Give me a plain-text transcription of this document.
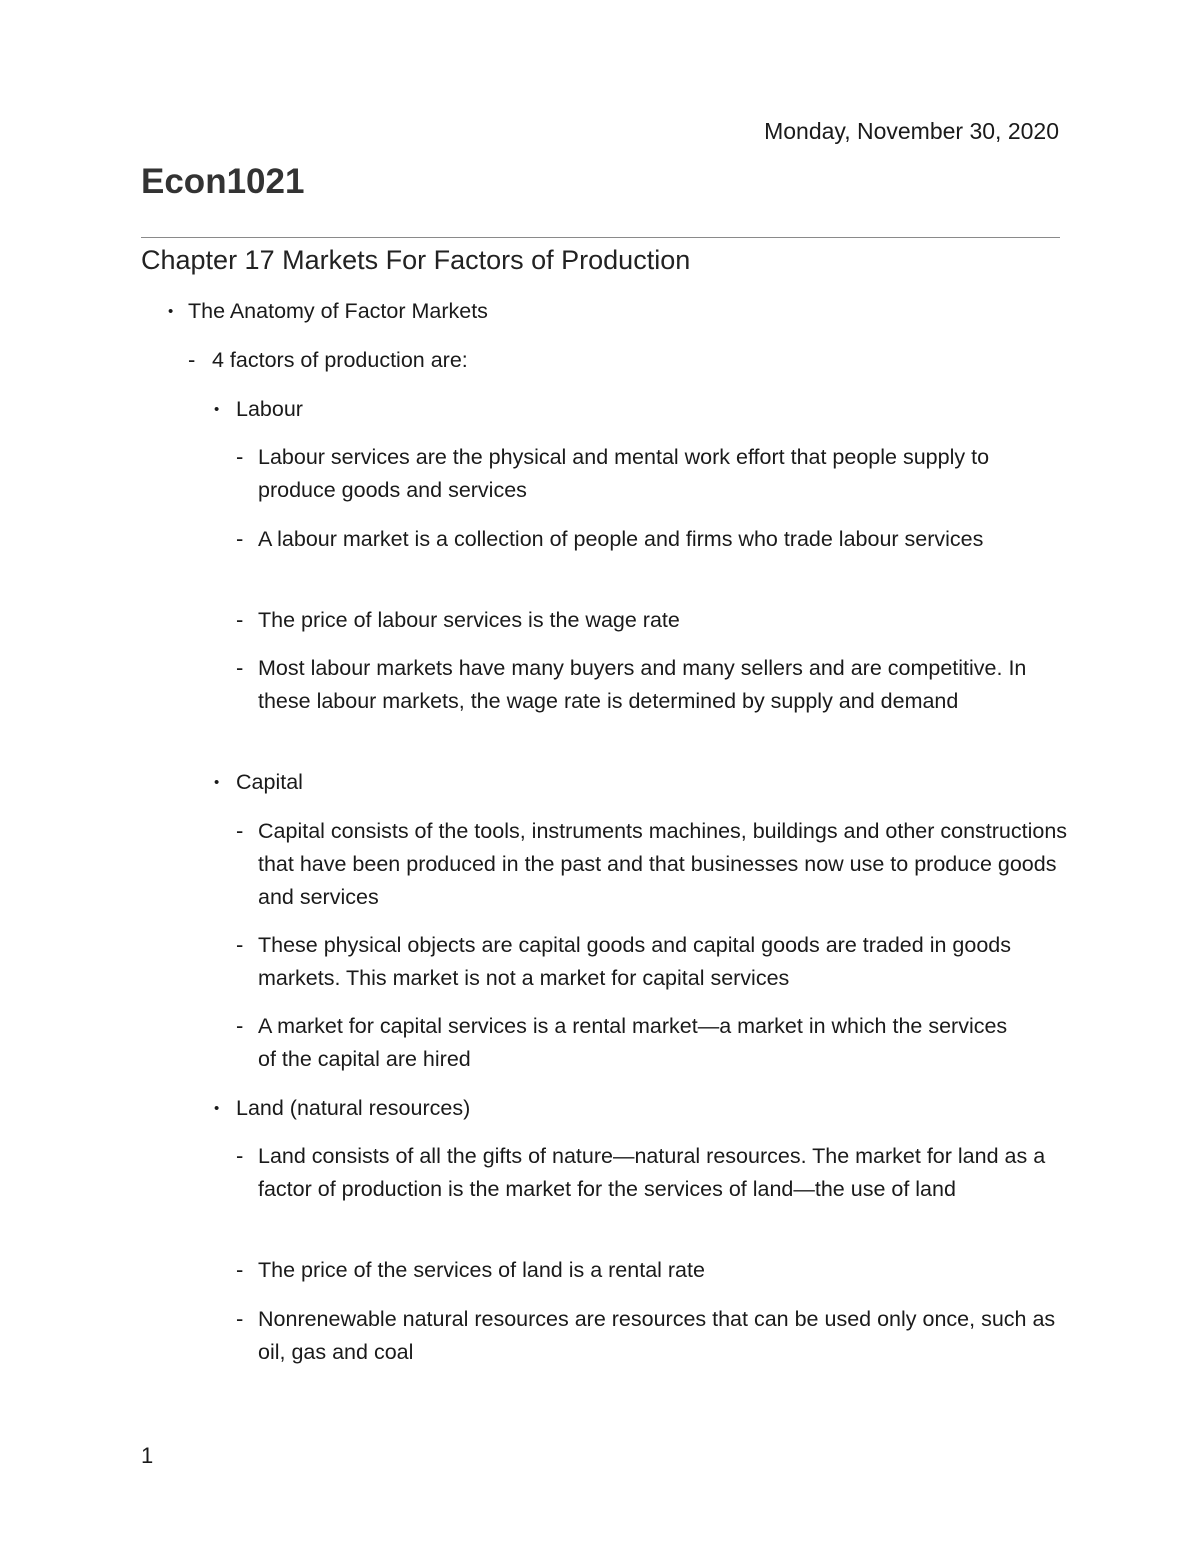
Monday, November 30, 2020
Econ1021
Chapter 17 Markets For Factors of Production
• The Anatomy of Factor Markets
- 4 factors of production are:
• Labour
- Labour services are the physical and mental work effort that people supply to produce goods and services
- A labour market is a collection of people and firms who trade labour services
- The price of labour services is the wage rate
- Most labour markets have many buyers and many sellers and are competitive. In these labour markets, the wage rate is determined by supply and demand
• Capital
- Capital consists of the tools, instruments machines, buildings and other constructions that have been produced in the past and that businesses now use to produce goods and services
- These physical objects are capital goods and capital goods are traded in goods markets. This market is not a market for capital services
- A market for capital services is a rental market—a market in which the services of the capital are hired
• Land (natural resources)
- Land consists of all the gifts of nature—natural resources. The market for land as a factor of production is the market for the services of land—the use of land
- The price of the services of land is a rental rate
- Nonrenewable natural resources are resources that can be used only once, such as oil, gas and coal
1
